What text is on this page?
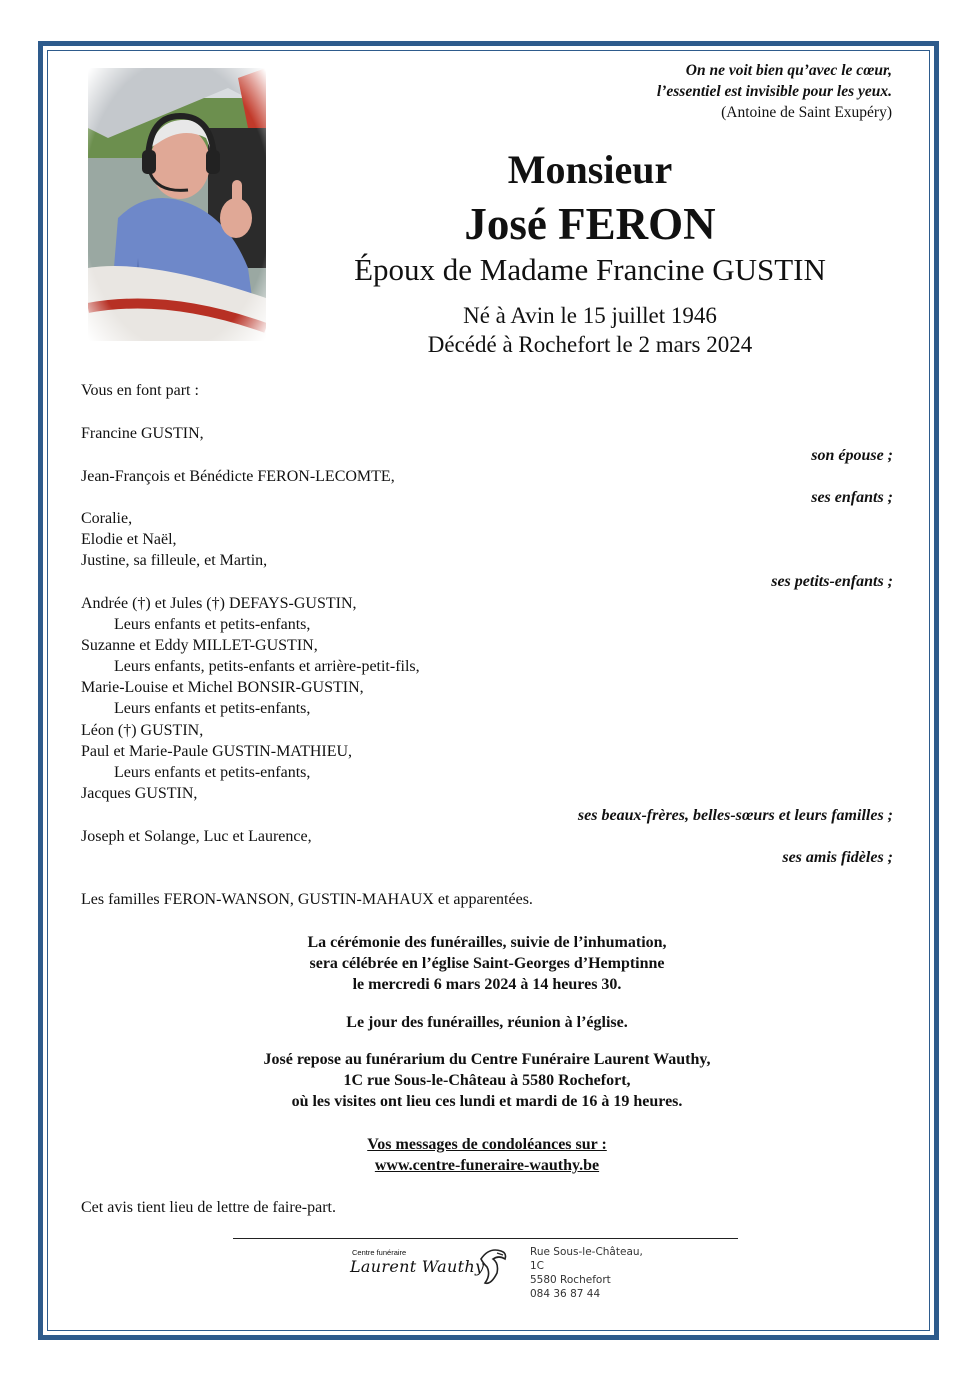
On ne voit bien qu’avec le cœur,
l’essentiel est invisible pour les yeux.
(Antoine de Saint Exupéry)
Monsieur
José FERON
Époux de Madame Francine GUSTIN
Né à Avin le 15 juillet 1946
Décédé à Rochefort le 2 mars 2024
Vous en font part :
Francine GUSTIN,
son épouse ;
Jean-François et Bénédicte FERON-LECOMTE,
ses enfants ;
Coralie,
Elodie et Naël,
Justine, sa filleule, et Martin,
ses petits-enfants ;
Andrée (†) et Jules (†) DEFAYS-GUSTIN,
Leurs enfants et petits-enfants,
Suzanne et Eddy MILLET-GUSTIN,
Leurs enfants, petits-enfants et arrière-petit-fils,
Marie-Louise et Michel BONSIR-GUSTIN,
Leurs enfants et petits-enfants,
Léon (†) GUSTIN,
Paul et Marie-Paule GUSTIN-MATHIEU,
Leurs enfants et petits-enfants,
Jacques GUSTIN,
ses beaux-frères, belles-sœurs et leurs familles ;
Joseph et Solange, Luc et Laurence,
ses amis fidèles ;
Les familles FERON-WANSON, GUSTIN-MAHAUX et apparentées.
La cérémonie des funérailles, suivie de l’inhumation,
sera célébrée en l’église Saint-Georges d’Hemptinne
le mercredi 6 mars 2024 à 14 heures 30.
Le jour des funérailles, réunion à l’église.
José repose au funérarium du Centre Funéraire Laurent Wauthy,
1C rue Sous-le-Château à 5580 Rochefort,
où les visites ont lieu ces lundi et mardi de 16 à 19 heures.
Vos messages de condoléances sur :
www.centre-funeraire-wauthy.be
Cet avis tient lieu de lettre de faire-part.
Centre funéraire
Laurent Wauthy
Rue Sous-le-Château, 1C
5580 Rochefort
084 36 87 44
